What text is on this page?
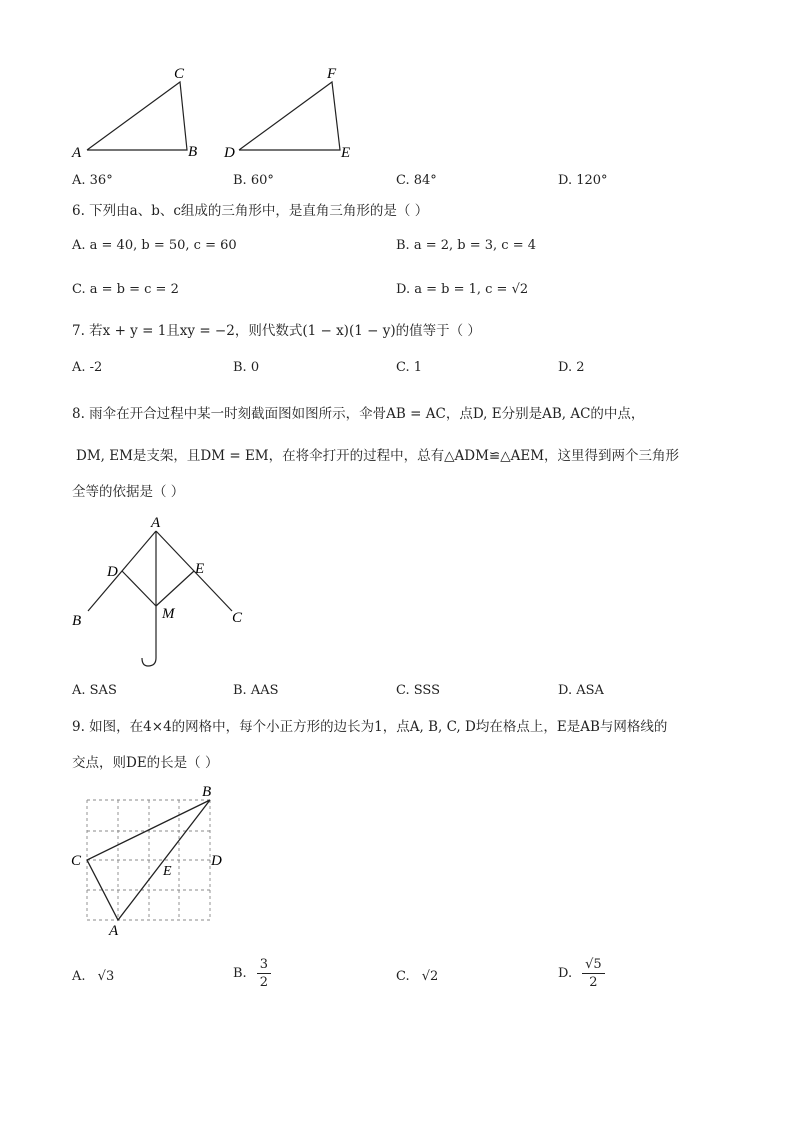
A	B
C
D	E
F
A. 36°	B. 60°	C. 84°	D. 120°
6. 下列由a、b、c组成的三角形中，是直角三角形的是（ ）
A. a = 40, b = 50, c = 60	B. a = 2, b = 3, c = 4
C. a = b = c = 2	D. a = b = 1, c = √2
7. 若x + y = 1且xy = −2，则代数式(1 − x)(1 − y)的值等于（ ）
A. -2	B. 0	C. 1	D. 2
8. 雨伞在开合过程中某一时刻截面图如图所示，伞骨AB = AC，点D, E分别是AB, AC的中点，
DM, EM是支架，且DM = EM，在将伞打开的过程中，总有△ADM≌△AEM，这里得到两个三角形
全等的依据是（ ）
A
B	C
D	E
M
A. SAS	B. AAS	C. SSS	D. ASA
9. 如图，在4×4的网格中，每个小正方形的边长为1，点A, B, C, D均在格点上，E是AB与网格线的
交点，则DE的长是（ ）
A
B
C	D
E
A. √3	B. $\frac{3}{2}$	C. √2	D. $\frac{√5}{2}$
